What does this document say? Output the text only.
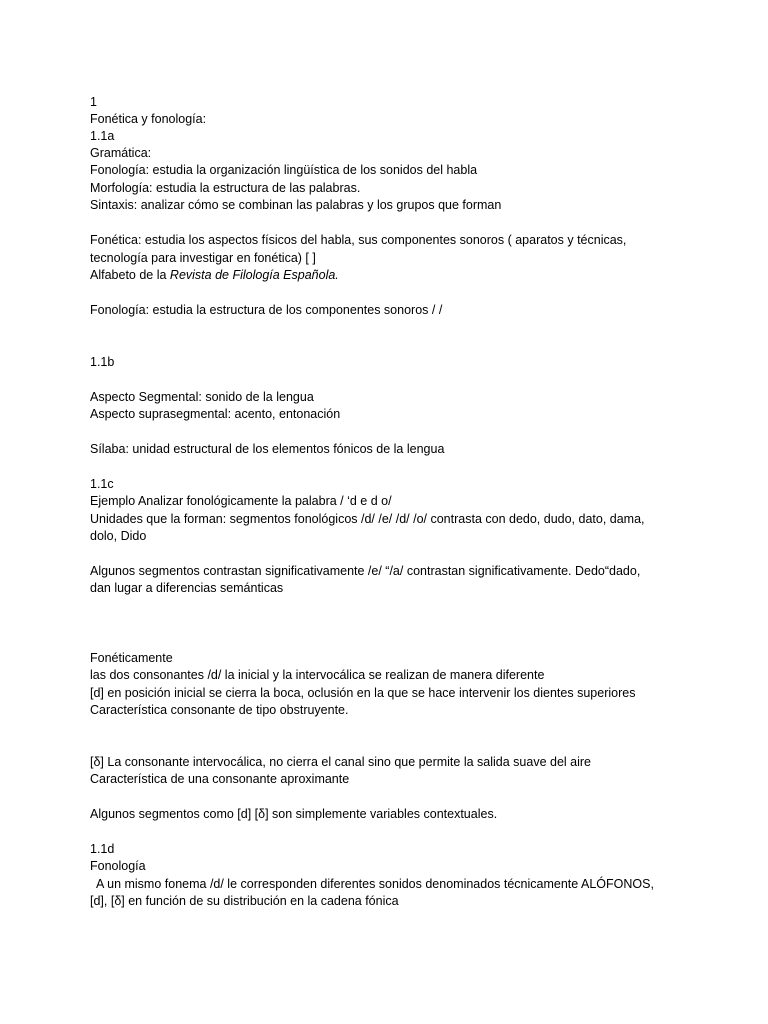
1

Fonética y fonología:

1.1a

Gramática:

Fonología: estudia la organización lingüística de los sonidos del habla

Morfología: estudia la estructura de las palabras.

Sintaxis: analizar cómo se combinan las palabras y los grupos que forman

Fonética: estudia los aspectos físicos del habla, sus componentes sonoros ( aparatos y técnicas,

tecnología para investigar en fonética) [ ]

Alfabeto de la Revista de Filología Española.

Fonología: estudia la estructura de los componentes sonoros / /

1.1b

Aspecto Segmental: sonido de la lengua

Aspecto suprasegmental: acento, entonación

Sílaba: unidad estructural de los elementos fónicos de la lengua

1.1c

Ejemplo Analizar fonológicamente la palabra / ‘d e d o/

Unidades que la forman: segmentos fonológicos /d/ /e/ /d/ /o/ contrasta con dedo, dudo, dato, dama,

dolo, Dido

Algunos segmentos contrastan significativamente /e/ “/a/ contrastan significativamente. Dedo“dado,

dan lugar a diferencias semánticas

Fonéticamente

las dos consonantes /d/ la inicial y la intervocálica se realizan de manera diferente

[d] en posición inicial se cierra la boca, oclusión en la que se hace intervenir los dientes superiores

Característica consonante de tipo obstruyente.

[δ] La consonante intervocálica, no cierra el canal sino que permite la salida suave del aire

Característica de una consonante aproximante

Algunos segmentos como [d] [δ] son simplemente variables contextuales.

1.1d

Fonología

A un mismo fonema /d/ le corresponden diferentes sonidos denominados técnicamente ALÓFONOS,

[d], [δ] en función de su distribución en la cadena fónica
